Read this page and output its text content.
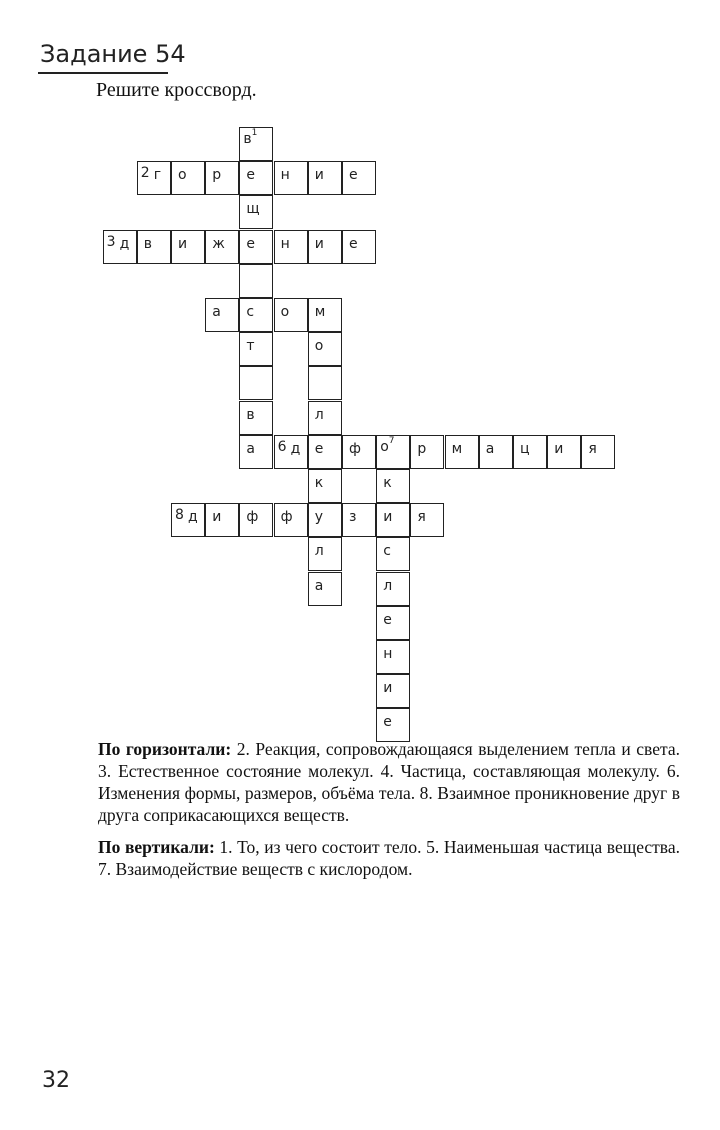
Задание 54
Решите кроссворд.
$в^1$
е
щ
е
с
т
в
а
2 г о р	н и е
3 д в и ж	н и е
а	о м
о
л
е
к
у
л
а
6 д	ф $о^7$ р м а ц и я
к
и
с
л
е
н
и
е
8 д и ф ф	з	я

По горизонтали: 2. Реакция, сопровождающаяся выделением тепла и света. 3. Естественное состояние молекул. 4. Частица, составляющая молекулу. 6. Изменения формы, размеров, объёма тела. 8. Взаимное проникновение друг в друга соприкасающихся веществ.

По вертикали: 1. То, из чего состоит тело. 5. Наименьшая частица вещества. 7. Взаимодействие веществ с кислородом.

32
